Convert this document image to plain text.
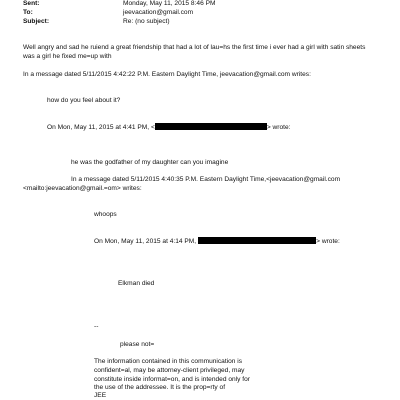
Sent:	Monday, May 11, 2015 8:46 PM
To:	jeevacation@gmail.com
Subject:	Re: (no subject)
Well angry and sad he ruiend a great friendship that had a lot of lau=hs the first time i ever had a girl with satin sheets
was a girl he fixed me=up with
In a message dated 5/11/2015 4:42:22 P.M. Eastern Daylight Time, jeevacation@gmail.com writes:
how do you feel about it?
On Mon, May 11, 2015 at 4:41 PM, <	> wrote:
he was the godfather of my daughter can you imagine
In a message dated 5/11/2015 4:40:35 P.M. Eastern Daylight Time,<jeevacation@gmail.com
<mailto:jeevacation@gmail.=om> writes:
whoops
On Mon, May 11, 2015 at 4:14 PM,	> wrote:
Elkman died
--
please not=
The information contained in this communication is
confident=al, may be attorney-client privileged, may
constitute inside informat=on, and is intended only for
the use of the addressee. It is the prop=rty of
JEE
